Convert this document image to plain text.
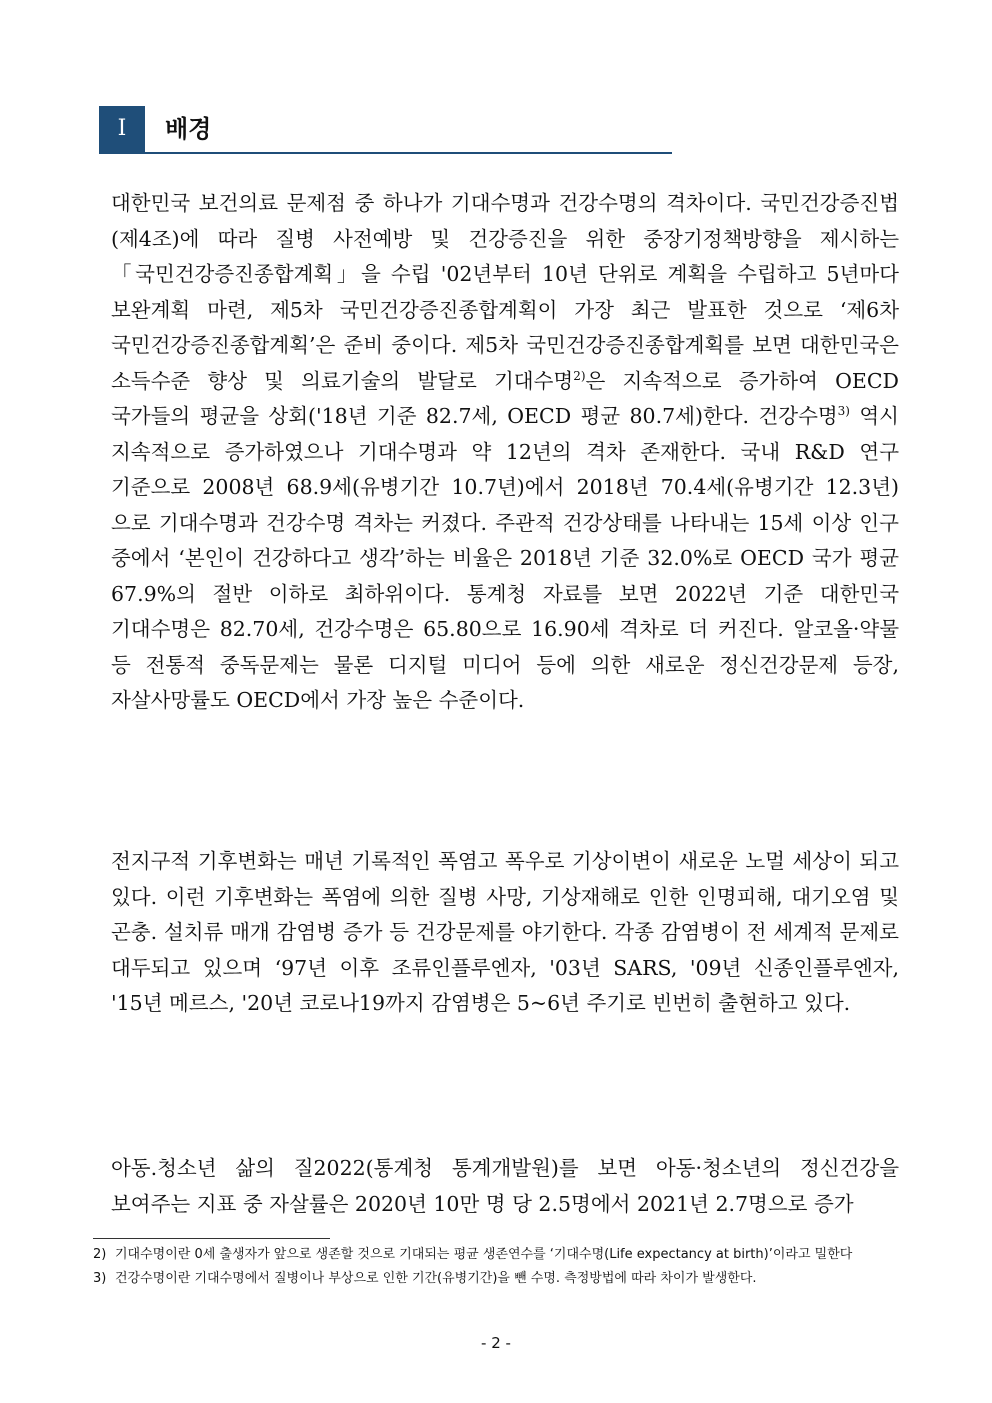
I	배경

대한민국 보건의료 문제점 중 하나가 기대수명과 건강수명의 격차이다. 국민건강증진법(제4조)에 따라 질병 사전예방 및 건강증진을 위한 중장기정책방향을 제시하는 「국민건강증진종합계획」을 수립 '02년부터 10년 단위로 계획을 수립하고 5년마다 보완계획 마련, 제5차 국민건강증진종합계획이 가장 최근 발표한 것으로 ‘제6차 국민건강증진종합계획’은 준비 중이다. 제5차 국민건강증진종합계획를 보면 대한민국은 소득수준 향상 및 의료기술의 발달로 기대수명$^{2)}$은 지속적으로 증가하여 OECD 국가들의 평균을 상회('18년 기준 82.7세, OECD 평균 80.7세)한다. 건강수명$^{3)}$ 역시 지속적으로 증가하였으나 기대수명과 약 12년의 격차 존재한다. 국내 R&D 연구 기준으로 2008년 68.9세(유병기간 10.7년)에서 2018년 70.4세(유병기간 12.3년)으로 기대수명과 건강수명 격차는 커졌다. 주관적 건강상태를 나타내는 15세 이상 인구 중에서 ‘본인이 건강하다고 생각’하는 비율은 2018년 기준 32.0%로 OECD 국가 평균 67.9%의 절반 이하로 최하위이다. 통계청 자료를 보면 2022년 기준 대한민국 기대수명은 82.70세, 건강수명은 65.80으로 16.90세 격차로 더 커진다. 알코올·약물 등 전통적 중독문제는 물론 디지털 미디어 등에 의한 새로운 정신건강문제 등장, 자살사망률도 OECD에서 가장 높은 수준이다.

전지구적 기후변화는 매년 기록적인 폭염고 폭우로 기상이변이 새로운 노멀 세상이 되고 있다. 이런 기후변화는 폭염에 의한 질병 사망, 기상재해로 인한 인명피해, 대기오염 및 곤충. 설치류 매개 감염병 증가 등 건강문제를 야기한다. 각종 감염병이 전 세계적 문제로 대두되고 있으며 ‘97년 이후 조류인플루엔자, '03년 SARS, '09년 신종인플루엔자, '15년 메르스, '20년 코로나19까지 감염병은 5~6년 주기로 빈번히 출현하고 있다.

아동.청소년 삶의 질2022(통계청 통계개발원)를 보면 아동·청소년의 정신건강을 보여주는 지표 중 자살률은 2020년 10만 명 당 2.5명에서 2021년 2.7명으로 증가

2) 기대수명이란 0세 출생자가 앞으로 생존할 것으로 기대되는 평균 생존연수를 ‘기대수명(Life expectancy at birth)’이라고 밀한다
3) 건강수명이란 기대수명에서 질병이나 부상으로 인한 기간(유병기간)을 뺀 수명. 측정방법에 따라 차이가 발생한다.
- 2 -
